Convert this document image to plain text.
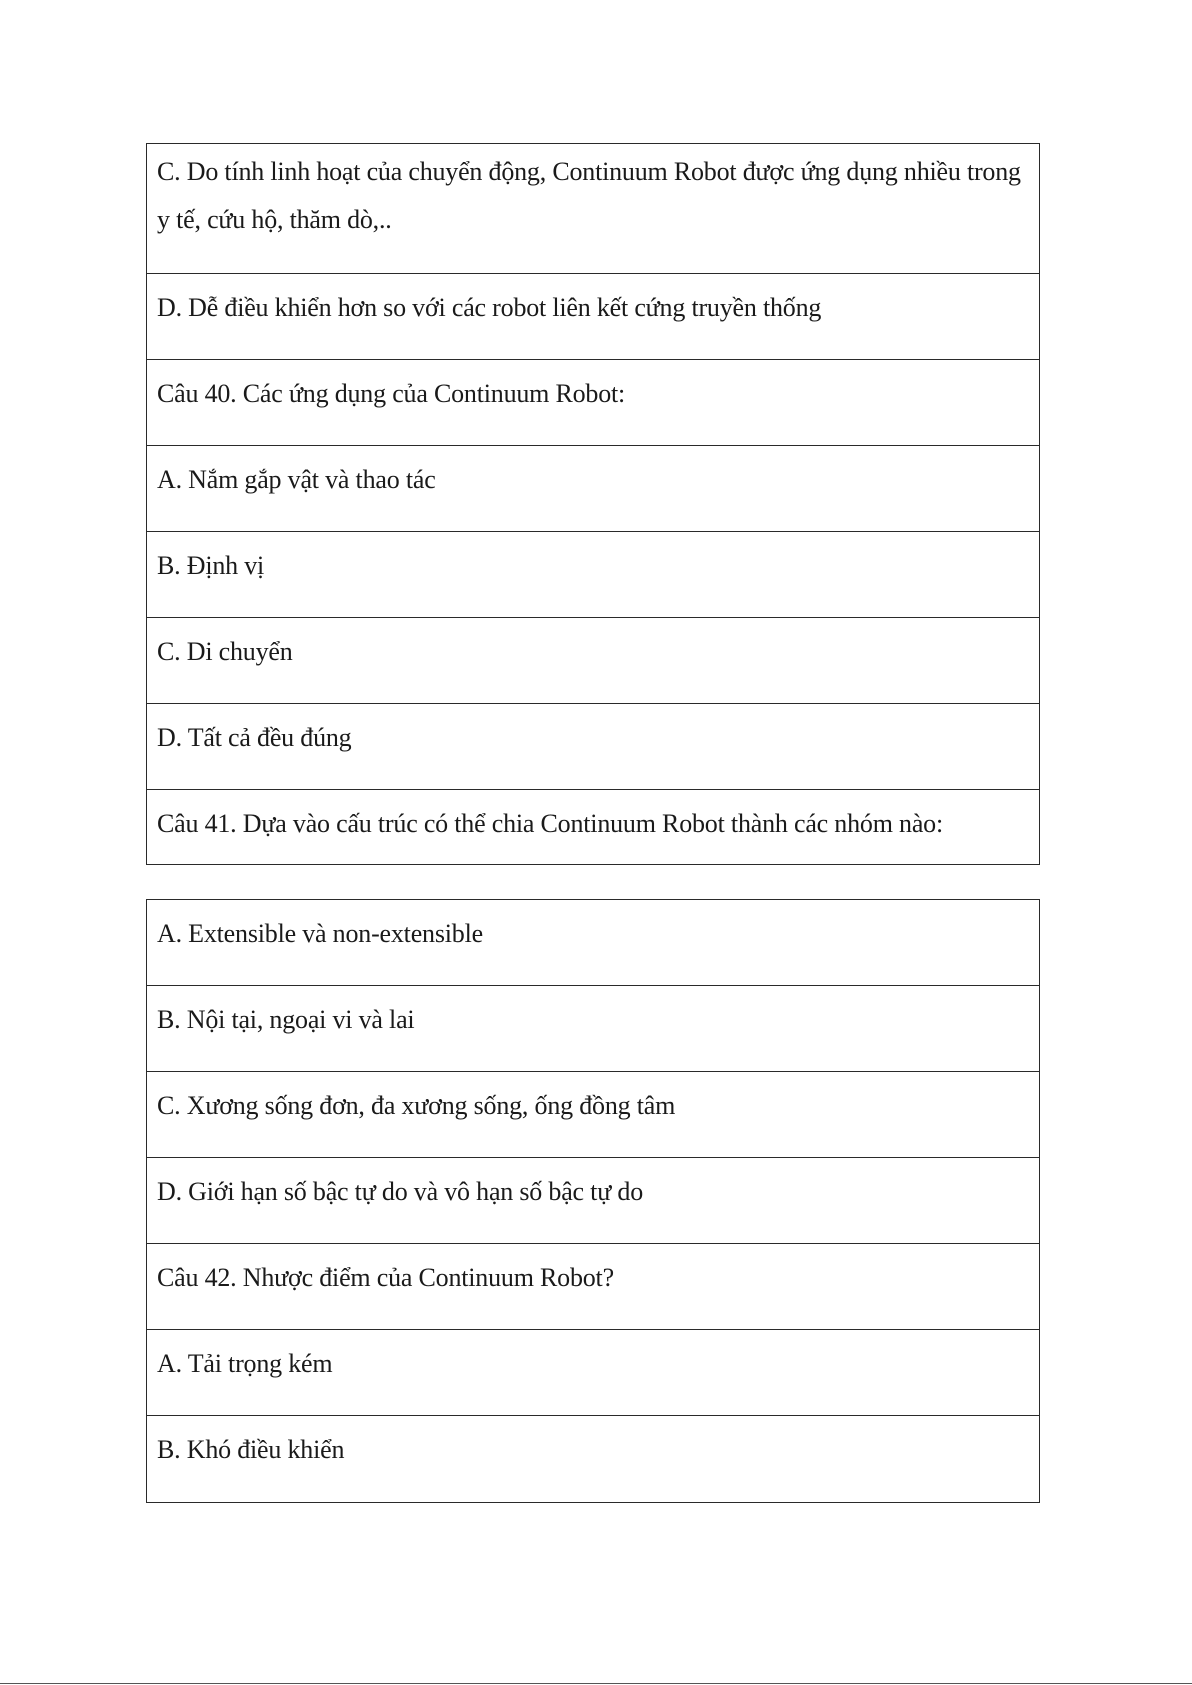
C. Do tính linh hoạt của chuyển động, Continuum Robot được ứng dụng nhiều trong y tế, cứu hộ, thăm dò,..
D. Dễ điều khiển hơn so với các robot liên kết cứng truyền thống
Câu 40. Các ứng dụng của Continuum Robot:
A. Nắm gắp vật và thao tác
B. Định vị
C. Di chuyển
D. Tất cả đều đúng
Câu 41. Dựa vào cấu trúc có thể chia Continuum Robot thành các nhóm nào:
A. Extensible và non-extensible
B. Nội tại, ngoại vi và lai
C. Xương sống đơn, đa xương sống, ống đồng tâm
D. Giới hạn số bậc tự do và vô hạn số bậc tự do
Câu 42. Nhược điểm của Continuum Robot?
A. Tải trọng kém
B. Khó điều khiển
